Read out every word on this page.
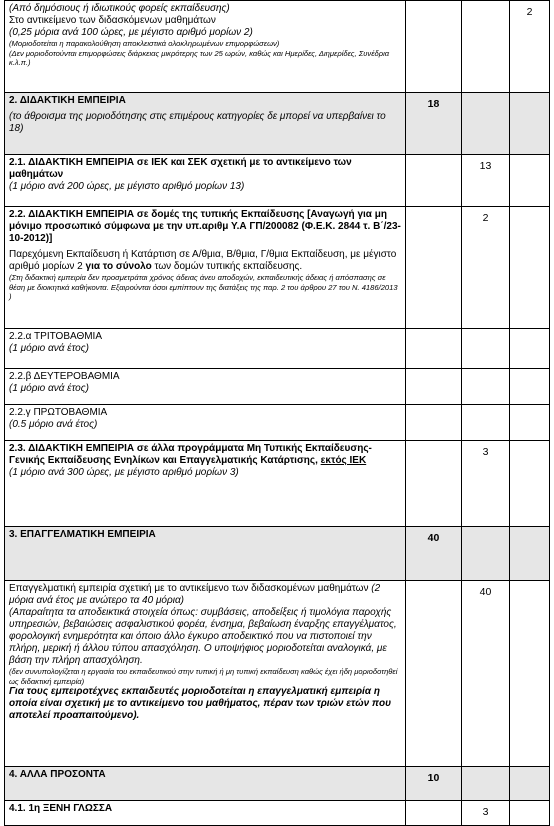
(Από δημόσιους ή ιδιωτικούς φορείς εκπαίδευσης)
Στο αντικείμενο των διδασκόμενων μαθημάτων
(0,25 μόρια ανά 100 ώρες, με μέγιστο αριθμό μορίων 2)
(Μοριοδοτείται η παρακολούθηση αποκλειστικά ολοκληρωμένων επιμορφώσεων)
(Δεν μοριοδοτούνται επιμορφώσεις διάρκειας μικρότερης των 25 ωρών, καθώς και Ημερίδες, Διημερίδες, Συνέδρια κ.λ.π.)			2

2. ΔΙΔΑΚΤΙΚΗ ΕΜΠΕΙΡΙΑ
(το άθροισμα της μοριοδότησης στις επιμέρους κατηγορίες δε μπορεί να υπερβαίνει το 18)	18		

2.1. ΔΙΔΑΚΤΙΚΗ ΕΜΠΕΙΡΙΑ σε ΙΕΚ και ΣΕΚ σχετική με το αντικείμενο των μαθημάτων
(1 μόριο ανά 200 ώρες, με μέγιστο αριθμό μορίων 13)		13	

2.2. ΔΙΔΑΚΤΙΚΗ ΕΜΠΕΙΡΙΑ σε δομές της τυπικής Εκπαίδευσης [Αναγωγή για μη μόνιμο προσωπικό σύμφωνα με την υπ.αριθμ Υ.Α ΓΠ/200082 (Φ.Ε.Κ. 2844 τ. Β΄/23-10-2012)]
Παρεχόμενη Εκπαίδευση ή Κατάρτιση σε Α/θμια, Β/θμια, Γ/θμια Εκπαίδευση, με μέγιστο αριθμό μορίων 2 για το σύνολο των δομών τυπικής εκπαίδευσης.
(Στη διδακτική εμπειρία δεν προσμετράται χρόνος άδειας άνευ αποδοχών, εκπαιδευτικής άδειας ή απόσπασης σε θέση με διοικητικά καθήκοντα. Εξαιρούνται όσοι εμπίπτουν της διατάξεις της παρ. 2 του άρθρου 27 του Ν. 4186/2013 )		2	

2.2.α ΤΡΙΤΟΒΑΘΜΙΑ
(1 μόριο ανά έτος)			

2.2.β ΔΕΥΤΕΡΟΒΑΘΜΙΑ
(1 μόριο ανά έτος)			

2.2.γ ΠΡΩΤΟΒΑΘΜΙΑ
(0.5 μόριο ανά έτος)			

2.3. ΔΙΔΑΚΤΙΚΗ ΕΜΠΕΙΡΙΑ σε άλλα προγράμματα Μη Τυπικής Εκπαίδευσης-Γενικής Εκπαίδευσης Ενηλίκων και Επαγγελματικής Κατάρτισης, εκτός ΙΕΚ
(1 μόριο ανά 300 ώρες, με μέγιστο αριθμό μορίων 3)		3	

3. ΕΠΑΓΓΕΛΜΑΤΙΚΗ ΕΜΠΕΙΡΙΑ	40		

Επαγγελματική εμπειρία σχετική με το αντικείμενο των διδασκομένων μαθημάτων (2 μόρια ανά έτος με ανώτερο τα 40 μόρια)
(Απαραίτητα τα αποδεικτικά στοιχεία όπως: συμβάσεις, αποδείξεις ή τιμολόγια παροχής υπηρεσιών, βεβαιώσεις ασφαλιστικού φορέα, ένσημα, βεβαίωση έναρξης επαγγέλματος, φορολογική ενημερότητα και όποιο άλλο έγκυρο αποδεικτικό που να πιστοποιεί την πλήρη, μερική ή άλλου τύπου απασχόληση. Ο υποψήφιος μοριοδοτείται αναλογικά, με βάση την πλήρη απασχόληση.
(δεν συνυπολογίζεται η εργασία του εκπαιδευτικού στην τυπική ή μη τυπική εκπαίδευση καθώς έχει ήδη μοριοδοτηθεί ως διδακτική εμπειρία)
Για τους εμπειροτέχνες εκπαιδευτές μοριοδοτείται η επαγγελματική εμπειρία η οποία είναι σχετική με το αντικείμενο του μαθήματος, πέραν των τριών ετών που αποτελεί προαπαιτούμενο).		40	

4. ΑΛΛΑ ΠΡΟΣΟΝΤΑ	10		

4.1. 1η ΞΕΝΗ ΓΛΩΣΣΑ		3	
